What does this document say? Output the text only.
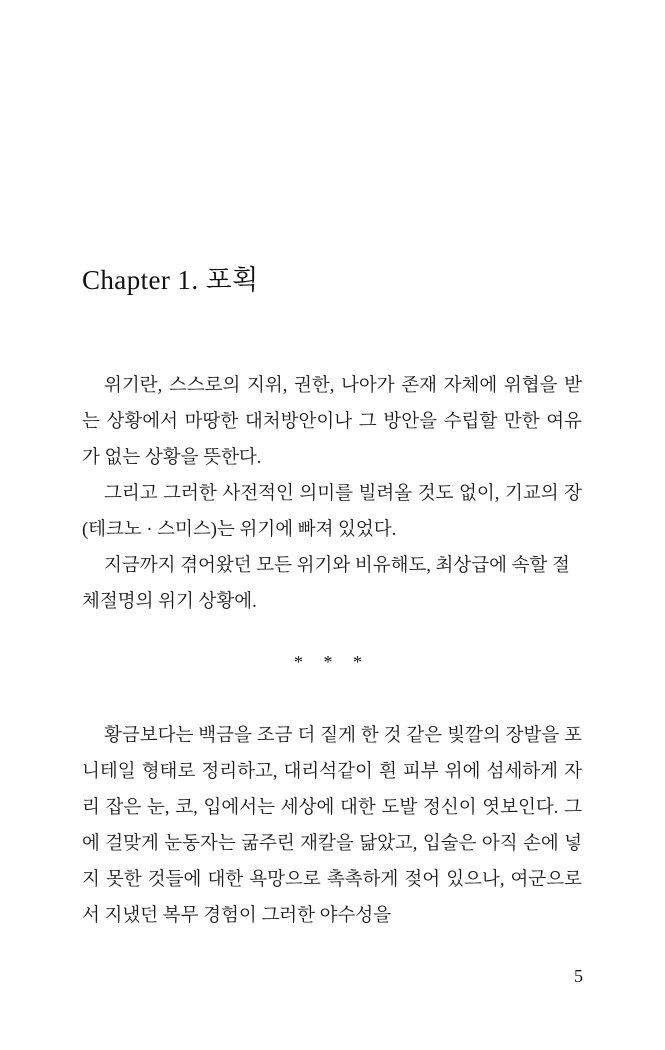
Chapter 1. 포획

위기란, 스스로의 지위, 권한, 나아가 존재 자체에 위협을 받는 상황에서 마땅한 대처방안이나 그 방안을 수립할 만한 여유가 없는 상황을 뜻한다.

그리고 그러한 사전적인 의미를 빌려올 것도 없이, 기교의 장(테크노 · 스미스)는 위기에 빠져 있었다.

지금까지 겪어왔던 모든 위기와 비유해도, 최상급에 속할 절체절명의 위기 상황에.

* * *

황금보다는 백금을 조금 더 짙게 한 것 같은 빛깔의 장발을 포니테일 형태로 정리하고, 대리석같이 흰 피부 위에 섬세하게 자리 잡은 눈, 코, 입에서는 세상에 대한 도발 정신이 엿보인다. 그에 걸맞게 눈동자는 굶주린 재칼을 닮았고, 입술은 아직 손에 넣지 못한 것들에 대한 욕망으로 촉촉하게 젖어 있으나, 여군으로서 지냈던 복무 경험이 그러한 야수성을

5
